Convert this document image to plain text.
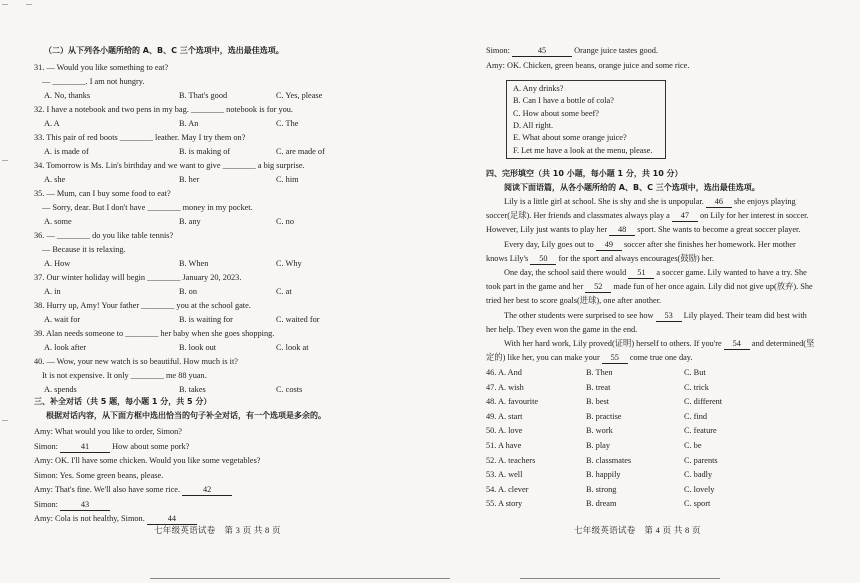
（二）从下列各小题所给的 A、B、C 三个选项中，选出最佳选项。
31. — Would you like something to eat?
— ________. I am not hungry.
A. No, thanks	B. That's good	C. Yes, please
32. I have a notebook and two pens in my bag. ________ notebook is for you.
A. A	B. An	C. The
33. This pair of red boots ________ leather. May I try them on?
A. is made of	B. is making of	C. are made of
34. Tomorrow is Ms. Lin's birthday and we want to give ________ a big surprise.
A. she	B. her	C. him
35. — Mum, can I buy some food to eat?
— Sorry, dear. But I don't have ________ money in my pocket.
A. some	B. any	C. no
36. — ________ do you like table tennis?
— Because it is relaxing.
A. How	B. When	C. Why
37. Our winter holiday will begin ________ January 20, 2023.
A. in	B. on	C. at
38. Hurry up, Amy! Your father ________ you at the school gate.
A. wait for	B. is waiting for	C. waited for
39. Alan needs someone to ________ her baby when she goes shopping.
A. look after	B. look out	C. look at
40. — Wow, your new watch is so beautiful. How much is it?
It is not expensive. It only ________ me 88 yuan.
A. spends	B. takes	C. costs
三、补全对话（共 5 题，每小题 1 分，共 5 分）
根据对话内容，从下面方框中选出恰当的句子补全对话，有一个选项是多余的。
Amy: What would you like to order, Simon?
Simon:	41	How about some pork?
Amy: OK. I'll have some chicken. Would you like some vegetables?
Simon: Yes. Some green beans, please.
Amy: That's fine. We'll also have some rice.	42
Simon:	43
Amy: Cola is not healthy, Simon.	44
七年级英语试卷　第 3 页 共 8 页
Simon:	45	Orange juice tastes good.
Amy: OK. Chicken, green beans, orange juice and some rice.
A. Any drinks?
B. Can I have a bottle of cola?
C. How about some beef?
D. All right.
E. What about some orange juice?
F. Let me have a look at the menu, please.
四、完形填空（共 10 小题，每小题 1 分，共 10 分）
阅读下面语篇，从各小题所给的 A、B、C 三个选项中，选出最佳选项。
Lily is a little girl at school. She is shy and she is unpopular. 46 she enjoys playing
soccer(足球). Her friends and classmates always play a 47 on Lily for her interest in soccer.
However, Lily just wants to play her 48 sport. She wants to become a great soccer player.
Every day, Lily goes out to 49 soccer after she finishes her homework. Her mother
knows Lily's 50 for the sport and always encourages(鼓励) her.
One day, the school said there would 51 a soccer game. Lily wanted to have a try. She
took part in the game and her 52 made fun of her once again. Lily did not give up(放弃). She
tried her best to score goals(进球), one after another.
The other students were surprised to see how 53 Lily played. Their team did best with
her help. They even won the game in the end.
With her hard work, Lily proved(证明) herself to others. If you're 54 and determined(坚
定的) like her, you can make your 55 come true one day.
46. A. And	B. Then	C. But
47. A. wish	B. treat	C. trick
48. A. favourite	B. best	C. different
49. A. start	B. practise	C. find
50. A. love	B. work	C. feature
51. A have	B. play	C. be
52. A. teachers	B. classmates	C. parents
53. A. well	B. happily	C. badly
54. A. clever	B. strong	C. lovely
55. A story	B. dream	C. sport
七年级英语试卷　第 4 页 共 8 页
